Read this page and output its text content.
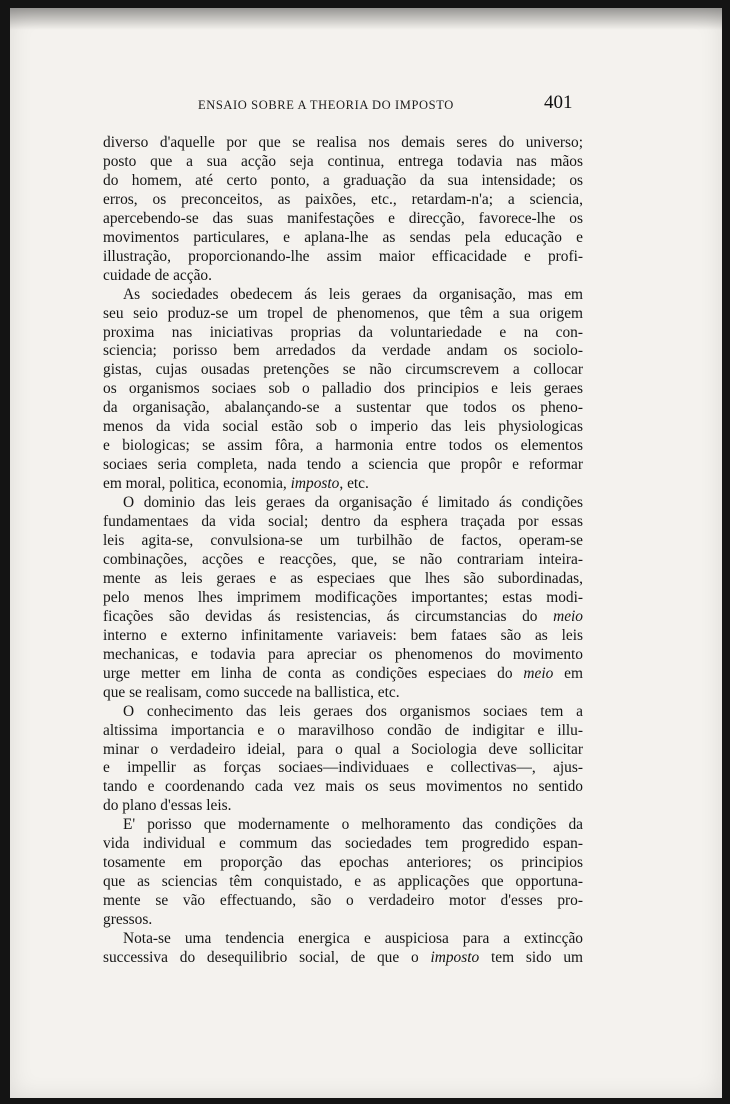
ENSAIO SOBRE A THEORIA DO IMPOSTO	401

diverso d'aquelle por que se realisa nos demais seres do universo;
posto que a sua acção seja continua, entrega todavia nas mãos
do homem, até certo ponto, a graduação da sua intensidade; os
erros, os preconceitos, as paixões, etc., retardam-n'a; a sciencia,
apercebendo-se das suas manifestações e direcção, favorece-lhe os
movimentos particulares, e aplana-lhe as sendas pela educação e
illustração, proporcionando-lhe assim maior efficacidade e profi-
cuidade de acção.

As sociedades obedecem ás leis geraes da organisação, mas em
seu seio produz-se um tropel de phenomenos, que têm a sua origem
proxima nas iniciativas proprias da voluntariedade e na con-
sciencia; porisso bem arredados da verdade andam os sociolo-
gistas, cujas ousadas pretenções se não circumscrevem a collocar
os organismos sociaes sob o palladio dos principios e leis geraes
da organisação, abalançando-se a sustentar que todos os pheno-
menos da vida social estão sob o imperio das leis physiologicas
e biologicas; se assim fôra, a harmonia entre todos os elementos
sociaes seria completa, nada tendo a sciencia que propôr e reformar
em moral, politica, economia, imposto, etc.

O dominio das leis geraes da organisação é limitado ás condições
fundamentaes da vida social; dentro da esphera traçada por essas
leis agita-se, convulsiona-se um turbilhão de factos, operam-se
combinações, acções e reacções, que, se não contrariam inteira-
mente as leis geraes e as especiaes que lhes são subordinadas,
pelo menos lhes imprimem modificações importantes; estas modi-
ficações são devidas ás resistencias, ás circumstancias do meio
interno e externo infinitamente variaveis: bem fataes são as leis
mechanicas, e todavia para apreciar os phenomenos do movimento
urge metter em linha de conta as condições especiaes do meio em
que se realisam, como succede na ballistica, etc.

O conhecimento das leis geraes dos organismos sociaes tem a
altissima importancia e o maravilhoso condão de indigitar e illu-
minar o verdadeiro ideial, para o qual a Sociologia deve sollicitar
e impellir as forças sociaes—individuaes e collectivas—, ajus-
tando e coordenando cada vez mais os seus movimentos no sentido
do plano d'essas leis.

E' porisso que modernamente o melhoramento das condições da
vida individual e commum das sociedades tem progredido espan-
tosamente em proporção das epochas anteriores; os principios
que as sciencias têm conquistado, e as applicações que opportuna-
mente se vão effectuando, são o verdadeiro motor d'esses pro-
gressos.

Nota-se uma tendencia energica e auspiciosa para a extincção
successiva do desequilibrio social, de que o imposto tem sido um
